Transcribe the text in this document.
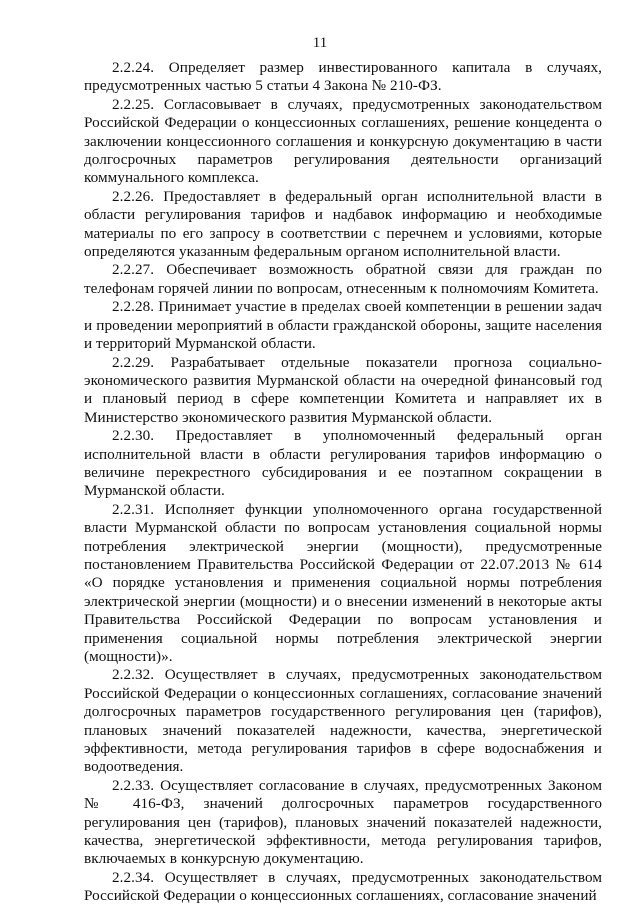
11

2.2.24. Определяет размер инвестированного капитала в случаях, предусмотренных частью 5 статьи 4 Закона № 210-ФЗ.

2.2.25. Согласовывает в случаях, предусмотренных законодательством Российской Федерации о концессионных соглашениях, решение концедента о заключении концессионного соглашения и конкурсную документацию в части долгосрочных параметров регулирования деятельности организаций коммунального комплекса.

2.2.26. Предоставляет в федеральный орган исполнительной власти в области регулирования тарифов и надбавок информацию и необходимые материалы по его запросу в соответствии с перечнем и условиями, которые определяются указанным федеральным органом исполнительной власти.

2.2.27. Обеспечивает возможность обратной связи для граждан по телефонам горячей линии по вопросам, отнесенным к полномочиям Комитета.

2.2.28. Принимает участие в пределах своей компетенции в решении задач и проведении мероприятий в области гражданской обороны, защите населения и территорий Мурманской области.

2.2.29. Разрабатывает отдельные показатели прогноза социально-экономического развития Мурманской области на очередной финансовый год и плановый период в сфере компетенции Комитета и направляет их в Министерство экономического развития Мурманской области.

2.2.30. Предоставляет в уполномоченный федеральный орган исполнительной власти в области регулирования тарифов информацию о величине перекрестного субсидирования и ее поэтапном сокращении в Мурманской области.

2.2.31. Исполняет функции уполномоченного органа государственной власти Мурманской области по вопросам установления социальной нормы потребления электрической энергии (мощности), предусмотренные постановлением Правительства Российской Федерации от 22.07.2013 № 614 «О порядке установления и применения социальной нормы потребления электрической энергии (мощности) и о внесении изменений в некоторые акты Правительства Российской Федерации по вопросам установления и применения социальной нормы потребления электрической энергии (мощности)».

2.2.32. Осуществляет в случаях, предусмотренных законодательством Российской Федерации о концессионных соглашениях, согласование значений долгосрочных параметров государственного регулирования цен (тарифов), плановых значений показателей надежности, качества, энергетической эффективности, метода регулирования тарифов в сфере водоснабжения и водоотведения.

2.2.33. Осуществляет согласование в случаях, предусмотренных Законом № 416-ФЗ, значений долгосрочных параметров государственного регулирования цен (тарифов), плановых значений показателей надежности, качества, энергетической эффективности, метода регулирования тарифов, включаемых в конкурсную документацию.

2.2.34. Осуществляет в случаях, предусмотренных законодательством Российской Федерации о концессионных соглашениях, согласование значений
